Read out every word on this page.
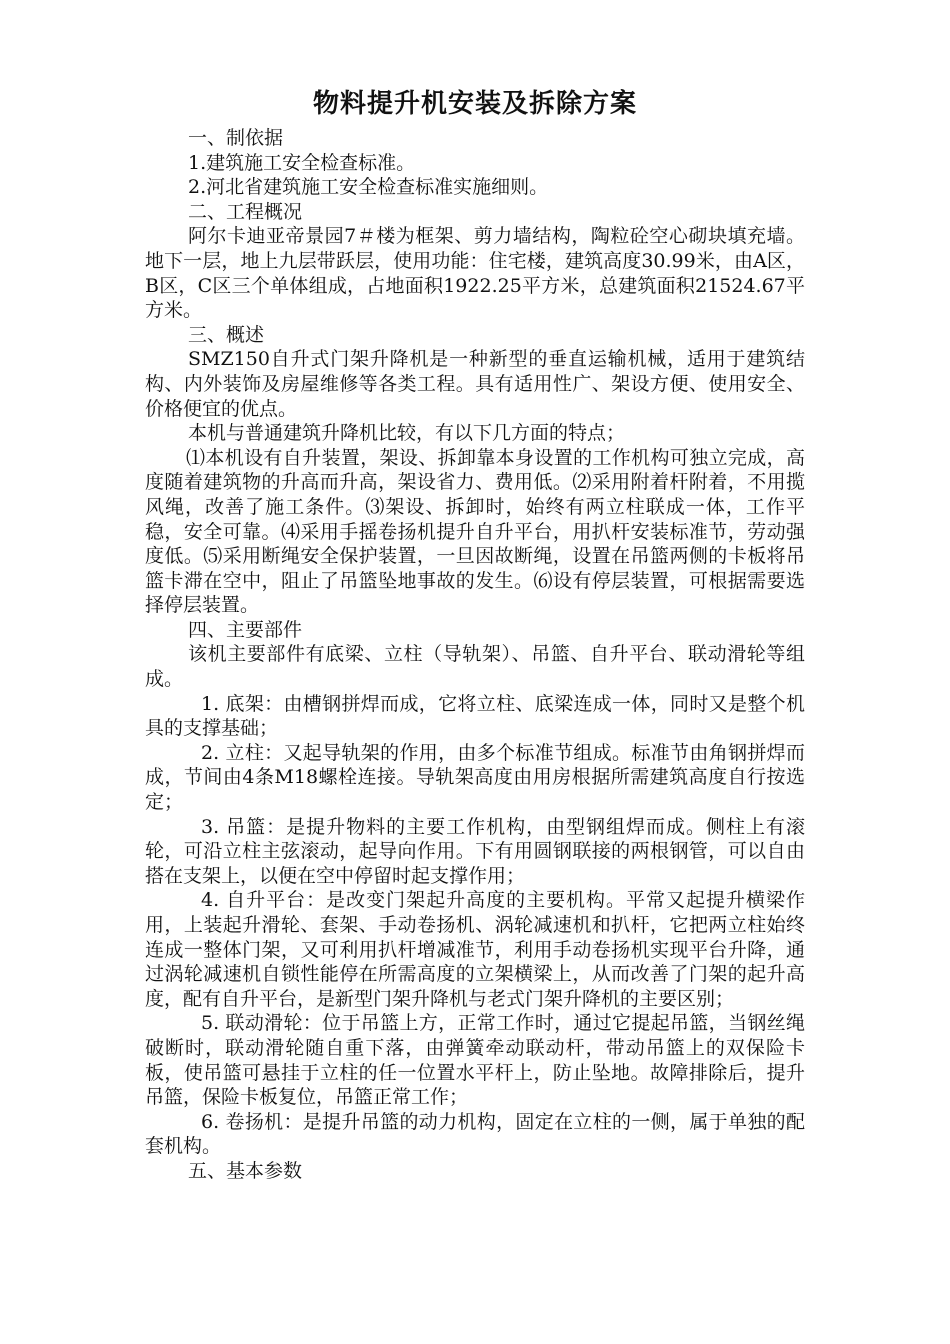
物料提升机安装及拆除方案

一、制依据

1.建筑施工安全检查标准。

2.河北省建筑施工安全检查标准实施细则。

二、工程概况

阿尔卡迪亚帝景园7＃楼为框架、剪力墙结构，陶粒砼空心砌块填充墙。地下一层，地上九层带跃层，使用功能：住宅楼，建筑高度30.99米，由A区，B区，C区三个单体组成，占地面积1922.25平方米，总建筑面积21524.67平方米。

三、概述

SMZ150自升式门架升降机是一种新型的垂直运输机械，适用于建筑结构、内外装饰及房屋维修等各类工程。具有适用性广、架设方便、使用安全、价格便宜的优点。

本机与普通建筑升降机比较，有以下几方面的特点；

⑴本机设有自升装置，架设、拆卸靠本身设置的工作机构可独立完成，高度随着建筑物的升高而升高，架设省力、费用低。⑵采用附着杆附着，不用揽风绳，改善了施工条件。⑶架设、拆卸时，始终有两立柱联成一体，工作平稳，安全可靠。⑷采用手摇卷扬机提升自升平台，用扒杆安装标准节，劳动强度低。⑸采用断绳安全保护装置，一旦因故断绳，设置在吊篮两侧的卡板将吊篮卡滞在空中，阻止了吊篮坠地事故的发生。⑹设有停层装置，可根据需要选择停层装置。

四、主要部件

该机主要部件有底梁、立柱（导轨架）、吊篮、自升平台、联动滑轮等组成。

1. 底架：由槽钢拼焊而成，它将立柱、底梁连成一体，同时又是整个机具的支撑基础；

2. 立柱：又起导轨架的作用，由多个标准节组成。标准节由角钢拼焊而成，节间由4条M18螺栓连接。导轨架高度由用房根据所需建筑高度自行按选定；

3. 吊篮：是提升物料的主要工作机构，由型钢组焊而成。侧柱上有滚轮，可沿立柱主弦滚动，起导向作用。下有用圆钢联接的两根钢管，可以自由搭在支架上，以便在空中停留时起支撑作用；

4. 自升平台：是改变门架起升高度的主要机构。平常又起提升横梁作用，上装起升滑轮、套架、手动卷扬机、涡轮减速机和扒杆，它把两立柱始终连成一整体门架，又可利用扒杆增减准节，利用手动卷扬机实现平台升降，通过涡轮减速机自锁性能停在所需高度的立架横梁上，从而改善了门架的起升高度，配有自升平台，是新型门架升降机与老式门架升降机的主要区别；

5. 联动滑轮：位于吊篮上方，正常工作时，通过它提起吊篮，当钢丝绳破断时，联动滑轮随自重下落，由弹簧牵动联动杆，带动吊篮上的双保险卡板，使吊篮可悬挂于立柱的任一位置水平杆上，防止坠地。故障排除后，提升吊篮，保险卡板复位，吊篮正常工作；

6. 卷扬机：是提升吊篮的动力机构，固定在立柱的一侧，属于单独的配套机构。

五、基本参数
